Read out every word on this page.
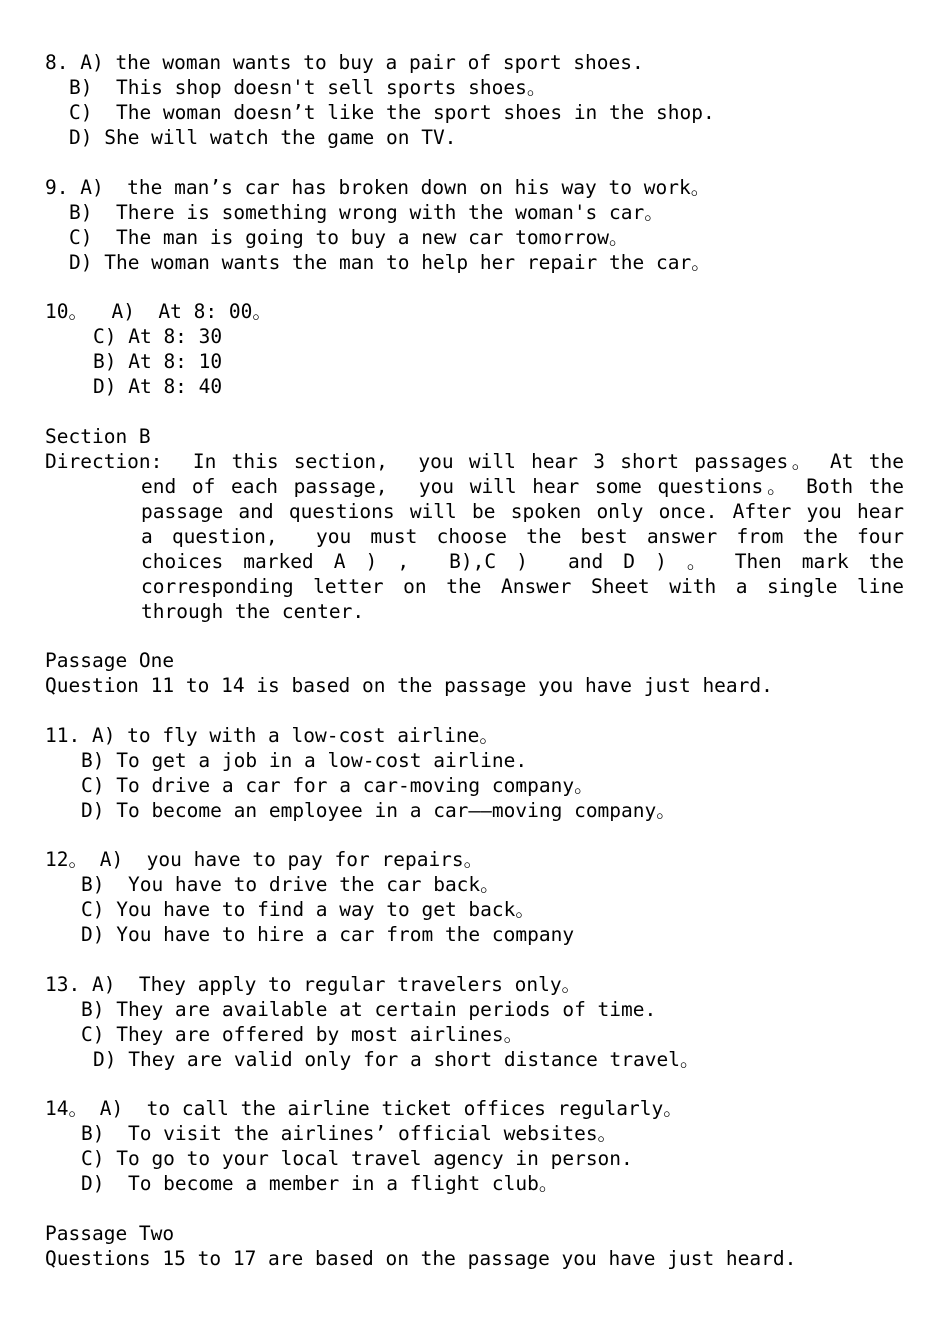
8. A) the woman wants to buy a pair of sport shoes.
B)  This shop doesn't sell sports shoes。
C)  The woman doesn’t like the sport shoes in the shop.
D) She will watch the game on TV.
9. A)  the man’s car has broken down on his way to work。
B)  There is something wrong with the woman's car。
C)  The man is going to buy a new car tomorrow。
D) The woman wants the man to help her repair the car。
10。  A)  At 8: 00。
C) At 8: 30
B) At 8: 10
D) At 8: 40
Section B
Direction:  In this section,  you will hear 3 short passages。 At the
end of each passage,  you will hear some questions。 Both the
passage and questions will be spoken only once. After you hear
a question,  you must choose the best answer from the four
choices marked A ) ,  B),C )  and D ) 。 Then mark the
corresponding letter on the Answer Sheet with a single line
through the center.
Passage One
Question 11 to 14 is based on the passage you have just heard.
11. A) to fly with a low-cost airline。
B) To get a job in a low-cost airline.
C) To drive a car for a car-moving company。
D) To become an employee in a car——moving company。
12。 A)  you have to pay for repairs。
B)  You have to drive the car back。
C) You have to find a way to get back。
D) You have to hire a car from the company
13. A)  They apply to regular travelers only。
B) They are available at certain periods of time.
C) They are offered by most airlines。
D) They are valid only for a short distance travel。
14。 A)  to call the airline ticket offices regularly。
B)  To visit the airlines’ official websites。
C) To go to your local travel agency in person.
D)  To become a member in a flight club。
Passage Two
Questions 15 to 17 are based on the passage you have just heard.
